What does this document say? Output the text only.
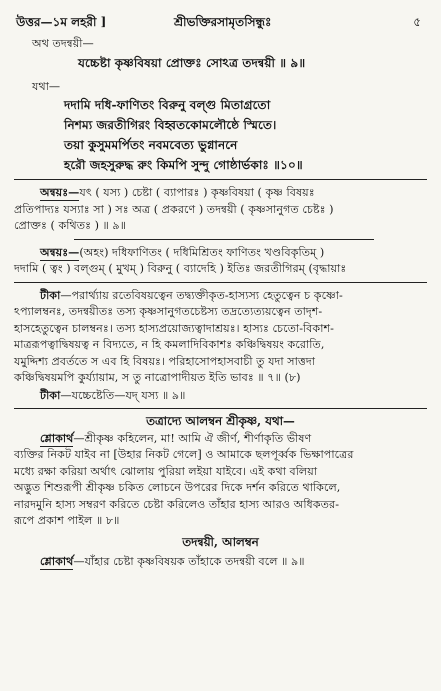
উত্তর—১ম লহরী ]	শ্রীভক্তিরসামৃতসিন্ধুঃ	৫
অথ তদন্বয়ী—
যচ্চেষ্টা কৃষ্ণবিষয়া প্রোক্তঃ সোঽত্র তদন্বয়ী ॥ ৯॥
যথা—
দদামি দধি-ফাণিতং বিরুনু বল্গু মিতাগ্রতো
নিশম্য জরতীগিরং বিহ্বতকোমলৌষ্ঠে স্মিতে।
তয়া কুসুমমর্পিতং নবমবেত্য ভুগ্নাননে
হরৌ জহসুরুদ্ধ রুং কিমপি সুন্দু গোষ্ঠার্ভকাঃ ॥১০॥
অন্বয়ঃ—যৎ ( যস্য ) চেষ্টা ( ব্যাপারঃ ) কৃষ্ণবিষয়া ( কৃষ্ণ বিষয়ঃ
প্রতিপাদ্যঃ যস্যাঃ সা ) সঃ অত্র ( প্রকরণে ) তদন্বয়ী ( কৃষ্ণসানুগত চেষ্টঃ )
প্রোক্তঃ ( কথিতঃ ) ॥ ৯॥
অন্বয়ঃ—(অহং) দধিফাণিতং ( দধিমিশ্রিতং ফাণিতং খণ্ডবিকৃতিম্ )
দদামি ( ত্বং ) বল্গুম্ ( মুখম্ ) বিরুনু ( ব্যাদেহি ) ইতিঃ জরতীগিরম্ (বৃদ্ধায়াঃ
টীকা—পরার্থ্যায় রতেবিষয়ত্বেন তদ্ব্যক্তীকৃত-হাস্যস্য হেতুত্বেন চ কৃষ্ণো-
ঽপ্যালম্বনঃ, তদন্বয়ীতঃ তস্য কৃষ্ণসানুগতচেষ্টস্য তদ্রত্যেত্যয়ত্বেন তাদৃশ-
হাসহেতুত্বেন চালম্বনঃ। তস্য হাস্যপ্রয়োজ্যত্বাদাশ্রয়ঃ। হাস্যঃ চেতো-বিকাশ-
মাত্ররূপত্বাদ্বিষয়ত্ব ন বিদ্যতে, ন হি কমলাদিবিকাশঃ কঞ্চিদ্বিষয়ং করোতি,
যমুদ্দিশ্য প্রবর্ততে স এব হি বিষয়ঃ। পরিহাসোপহাসবাচী তু যদা সাত্তদা
কঞ্চিদ্বিষয়মপি কুর্য্যায়াম, স তু নাত্রোপাদীয়ত ইতি ভাবঃ ॥ ৭॥ (৮)
টীকা—যচ্চেষ্টেতি—যদ্ যস্য ॥ ৯॥
তত্রাদ্যে আলম্বন শ্রীকৃষ্ণ, যথা—
শ্লোকার্থ—শ্রীকৃষ্ণ কহিলেন, মা! আমি ঐ জীর্ণ, শীর্ণাকৃতি ভীষণ
ব্যক্তির নিকট যাইব না [উহার নিকট গেলে] ও আমাকে ছলপূর্ব্বক ভিক্ষাপাত্রের
মধ্যে রক্ষা করিয়া অর্থাৎ ঝোলায় পুরিয়া লইয়া যাইবে। এই কথা বলিয়া
অদ্ভুত শিশুরূপী শ্রীকৃষ্ণ চকিত লোচনে উপরের দিকে দর্শন করিতে থাকিলে,
নারদমুনি হাস্য সম্বরণ করিতে চেষ্টা করিলেও তাঁহার হাস্য আরও অধিকতর-
রূপে প্রকাশ পাইল ॥ ৮॥
তদন্বয়ী, আলম্বন
শ্লোকার্থ—যাঁহার চেষ্টা কৃষ্ণবিষয়ক তাঁহাকে তদন্বয়ী বলে ॥ ৯॥
